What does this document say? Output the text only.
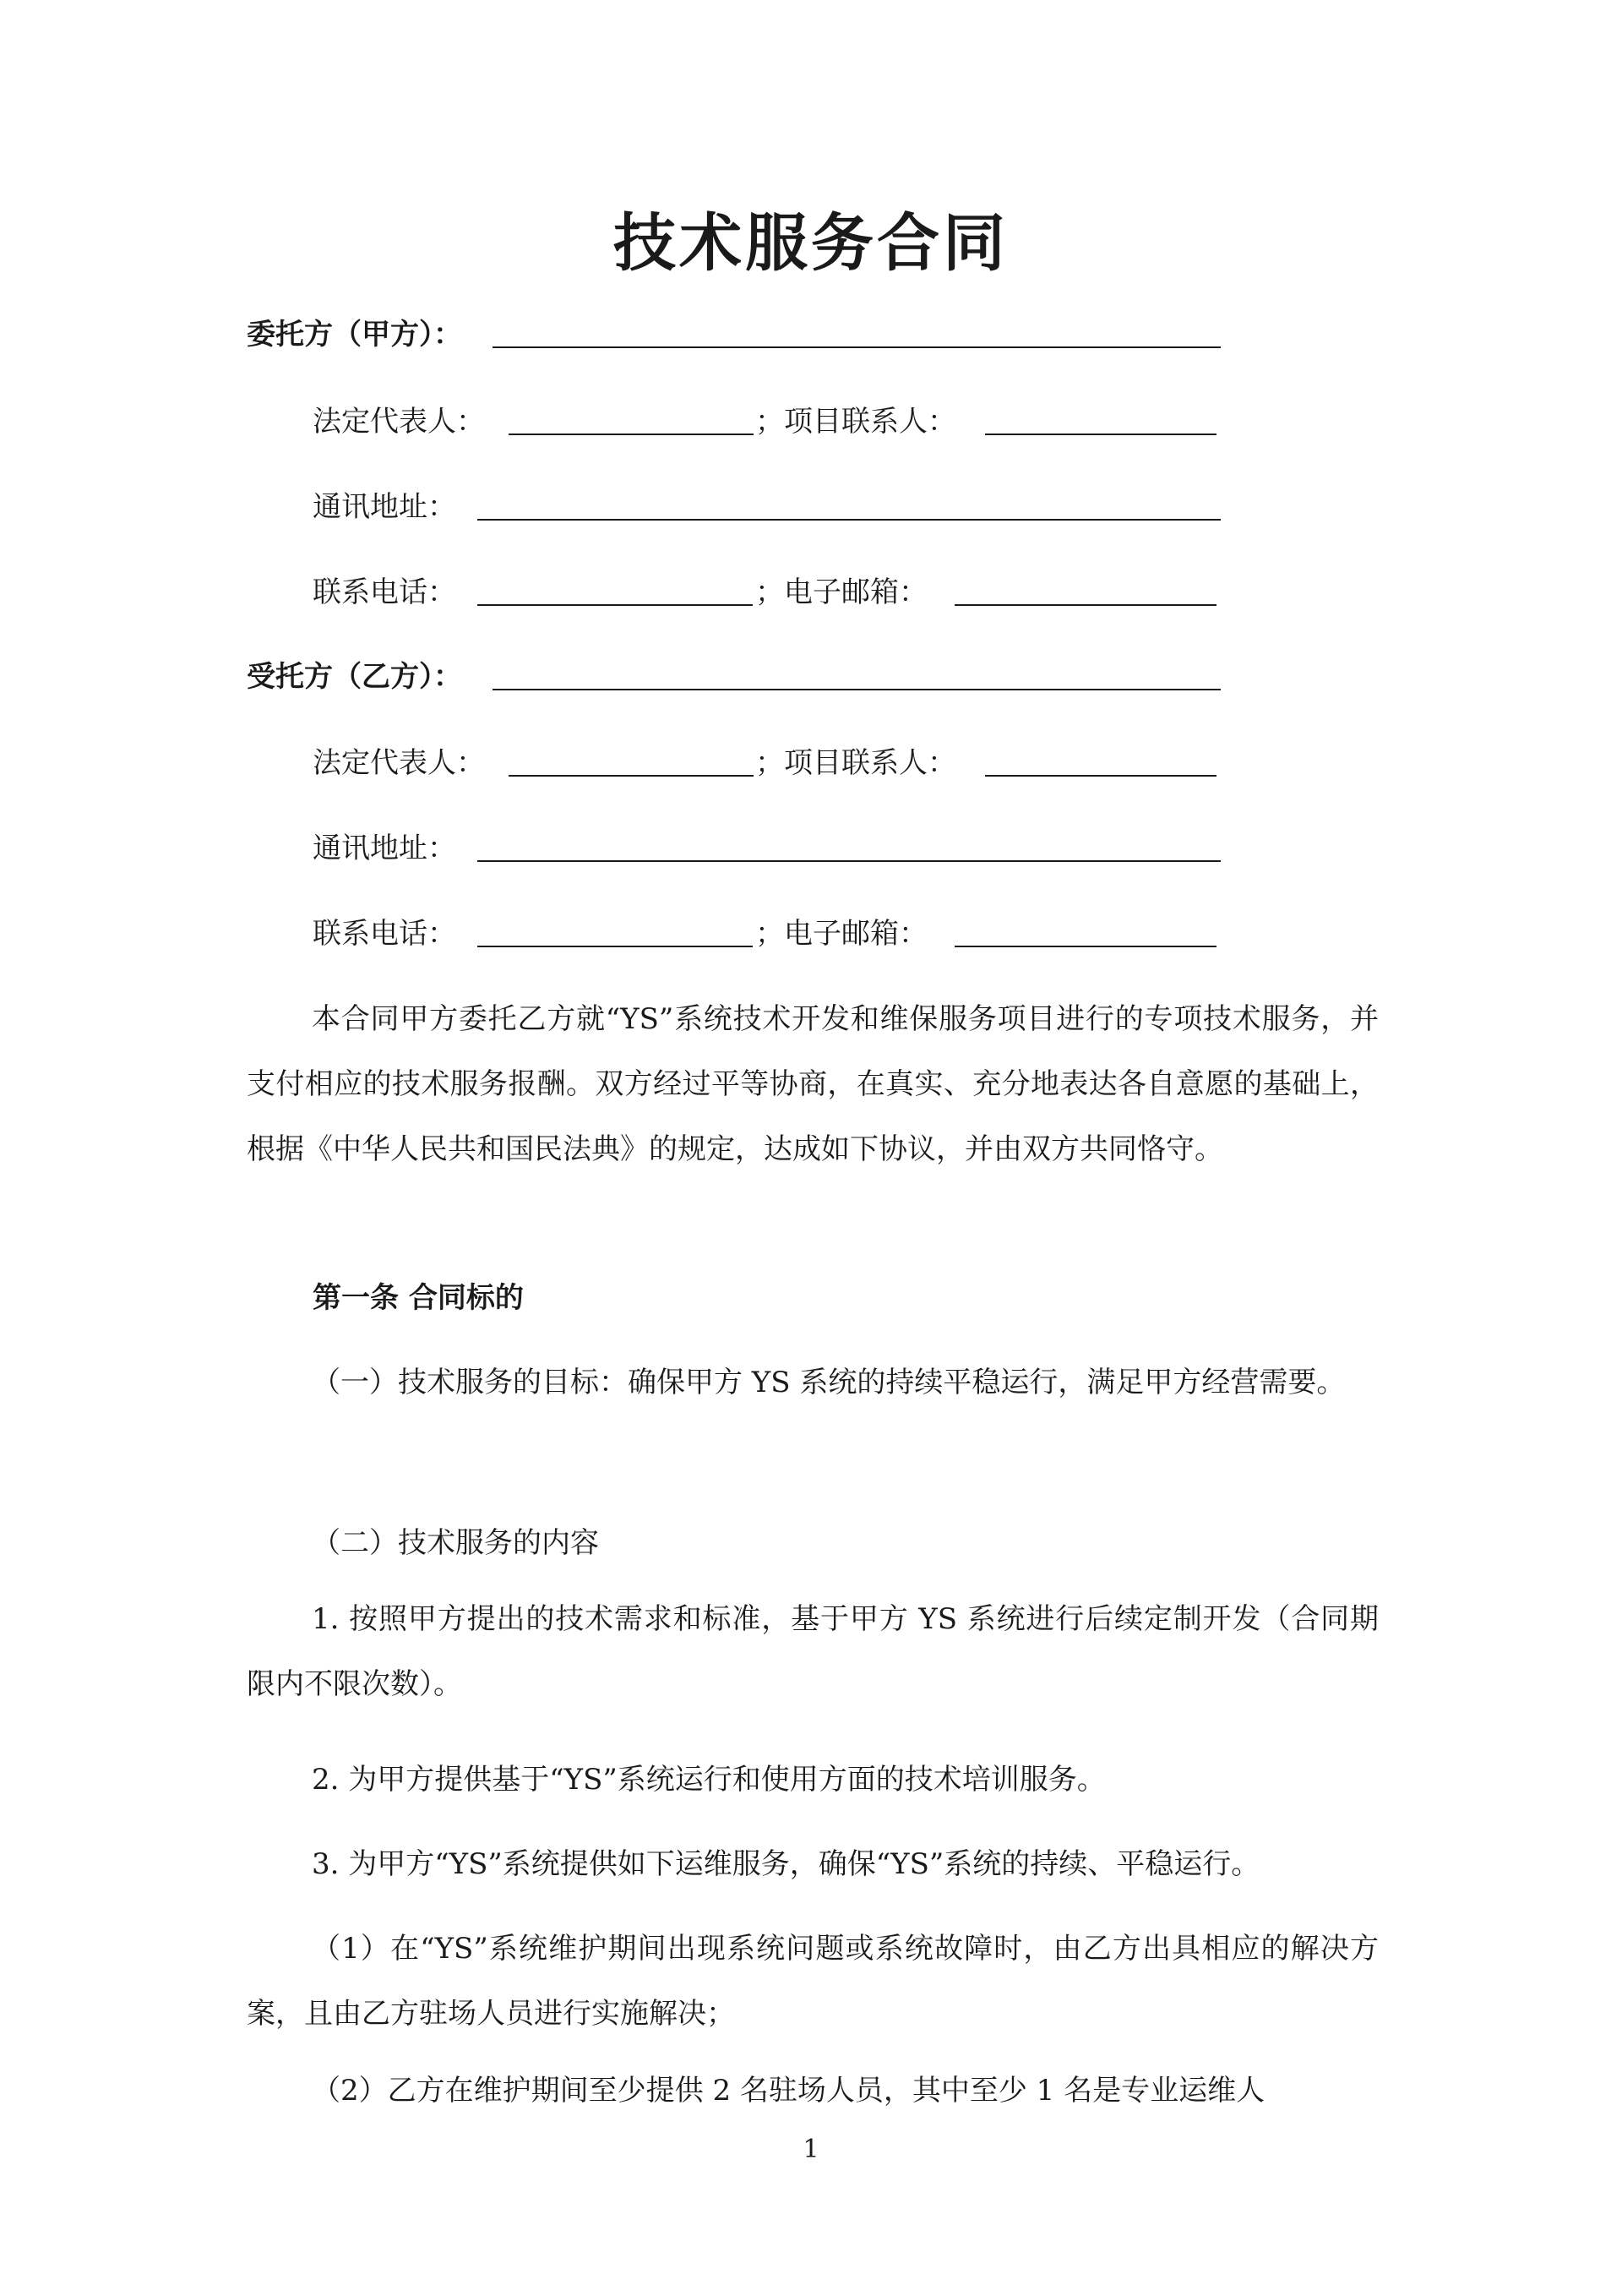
技术服务合同
委托方（甲方）：
法定代表人：	；项目联系人：
通讯地址：
联系电话：	；电子邮箱：
受托方（乙方）：
法定代表人：	；项目联系人：
通讯地址：
联系电话：	；电子邮箱：

本合同甲方委托乙方就“YS”系统技术开发和维保服务项目进行的专项技术服务，并支付相应的技术服务报酬。双方经过平等协商，在真实、充分地表达各自意愿的基础上，根据《中华人民共和国民法典》的规定，达成如下协议，并由双方共同恪守。

第一条 合同标的

（一）技术服务的目标：确保甲方 YS 系统的持续平稳运行，满足甲方经营需要。

（二）技术服务的内容

1. 按照甲方提出的技术需求和标准，基于甲方 YS 系统进行后续定制开发（合同期限内不限次数）。

2. 为甲方提供基于“YS”系统运行和使用方面的技术培训服务。

3. 为甲方“YS”系统提供如下运维服务，确保“YS”系统的持续、平稳运行。

（1）在“YS”系统维护期间出现系统问题或系统故障时，由乙方出具相应的解决方案，且由乙方驻场人员进行实施解决；

（2）乙方在维护期间至少提供 2 名驻场人员，其中至少 1 名是专业运维人

1
